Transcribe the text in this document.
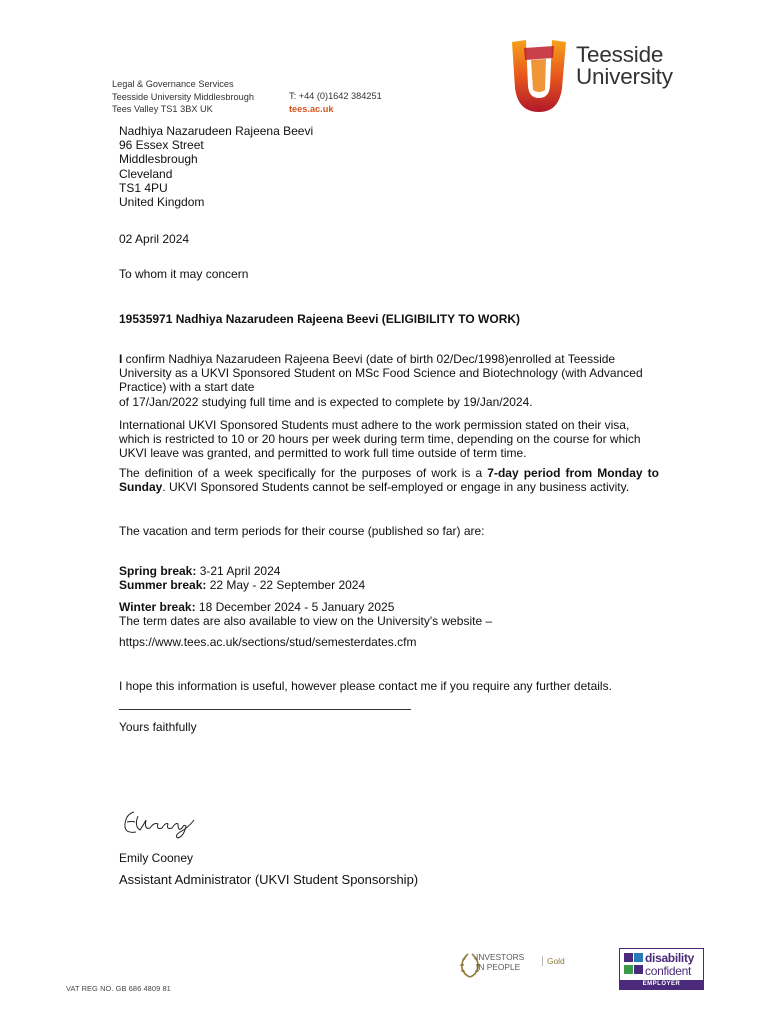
Legal & Governance Services
Teesside University Middlesbrough
Tees Valley TS1 3BX UK
T: +44 (0)1642 384251
tees.ac.uk
Teesside
University
Nadhiya Nazarudeen Rajeena Beevi
96 Essex Street
Middlesbrough
Cleveland
TS1 4PU
United Kingdom

02 April 2024

To whom it may concern

19535971 Nadhiya Nazarudeen Rajeena Beevi (ELIGIBILITY TO WORK)

I confirm Nadhiya Nazarudeen Rajeena Beevi (date of birth 02/Dec/1998)enrolled at Teesside University as a UKVI Sponsored Student on MSc Food Science and Biotechnology (with Advanced Practice) with a start date

of 17/Jan/2022 studying full time and is expected to complete by 19/Jan/2024.

International UKVI Sponsored Students must adhere to the work permission stated on their visa, which is restricted to 10 or 20 hours per week during term time, depending on the course for which UKVI leave was granted, and permitted to work full time outside of term time.

The definition of a week specifically for the purposes of work is a 7-day period from Monday to Sunday. UKVI Sponsored Students cannot be self-employed or engage in any business activity.

The vacation and term periods for their course (published so far) are:

Spring break: 3-21 April 2024

Summer break: 22 May - 22 September 2024

Winter break: 18 December 2024 - 5 January 2025

The term dates are also available to view on the University's website –

https://www.tees.ac.uk/sections/stud/semesterdates.cfm

I hope this information is useful, however please contact me if you require any further details.

Yours faithfully

Emily Cooney

Assistant Administrator (UKVI Student Sponsorship)

INVESTORS
IN PEOPLE
Gold	disability
confident
EMPLOYER
VAT REG NO. GB 686 4809 81
